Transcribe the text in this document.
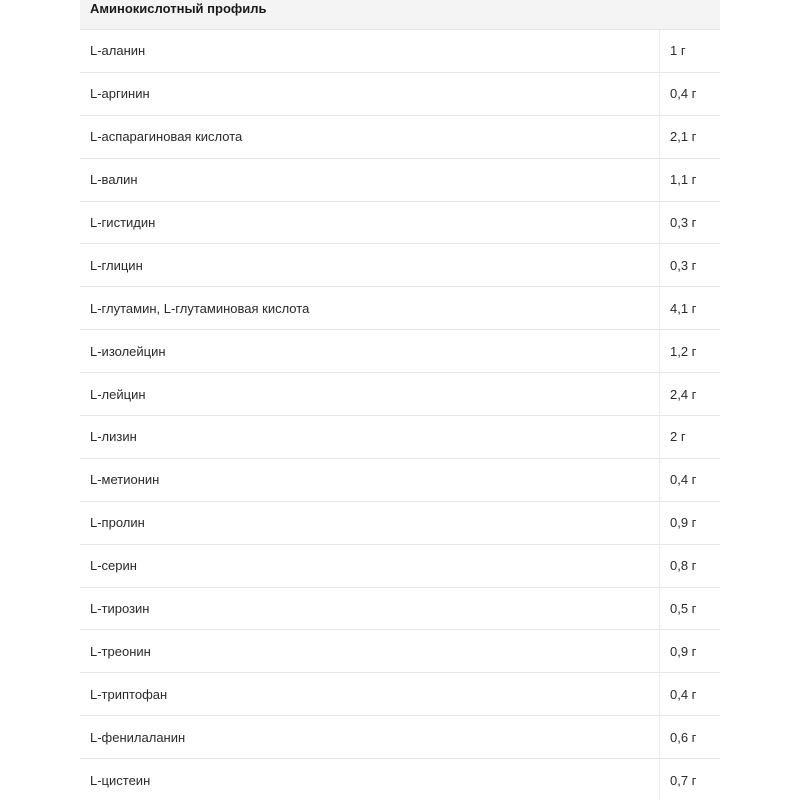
Аминокислотный профиль
L-аланин	1 г
L-аргинин	0,4 г
L-аспарагиновая кислота	2,1 г
L-валин	1,1 г
L-гистидин	0,3 г
L-глицин	0,3 г
L-глутамин, L-глутаминовая кислота	4,1 г
L-изолейцин	1,2 г
L-лейцин	2,4 г
L-лизин	2 г
L-метионин	0,4 г
L-пролин	0,9 г
L-серин	0,8 г
L-тирозин	0,5 г
L-треонин	0,9 г
L-триптофан	0,4 г
L-фенилаланин	0,6 г
L-цистеин	0,7 г
